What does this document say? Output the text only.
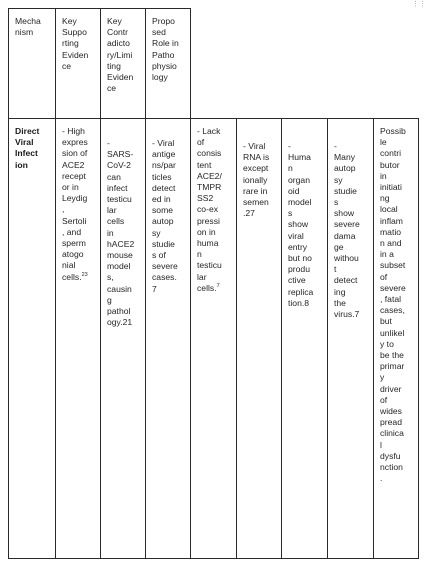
Mecha
nism
Key
Suppo
rting
Eviden
ce
Key
Contr
adicto
ry/Limi
ting
Eviden
ce
Propo
sed
Role in
Patho
physio
logy
Direct
Viral
Infect
ion
- High
expres
sion of
ACE2
recept
or in
Leydig
,
Sertoli
, and
sperm
atogo
nial
cells.$^{23}$
-
SARS-
CoV-2
can
infect
testicu
lar
cells
in
hACE2
mouse
model
s,
causin
g
pathol
ogy.21
- Viral
antige
ns/par
ticles
detect
ed in
some
autop
sy
studie
s of
severe
cases.
7
- Lack
of
consis
tent
ACE2/
TMPR
SS2
co-ex
pressi
on in
huma
n
testicu
lar
cells.$^7$
- Viral
RNA is
except
ionally
rare in
semen
.27
-
Huma
n
organ
oid
model
s
show
viral
entry
but no
produ
ctive
replica
tion.8
-
Many
autop
sy
studie
s
show
severe
dama
ge
withou
t
detect
ing
the
virus.7
Possib
le
contri
butor
in
initiati
ng
local
inflam
matio
n and
in a
subset
of
severe
, fatal
cases,
but
unlikel
y to
be the
primar
y
driver
of
wides
pread
clinica
l
dysfu
nction
.
⋮⋮
